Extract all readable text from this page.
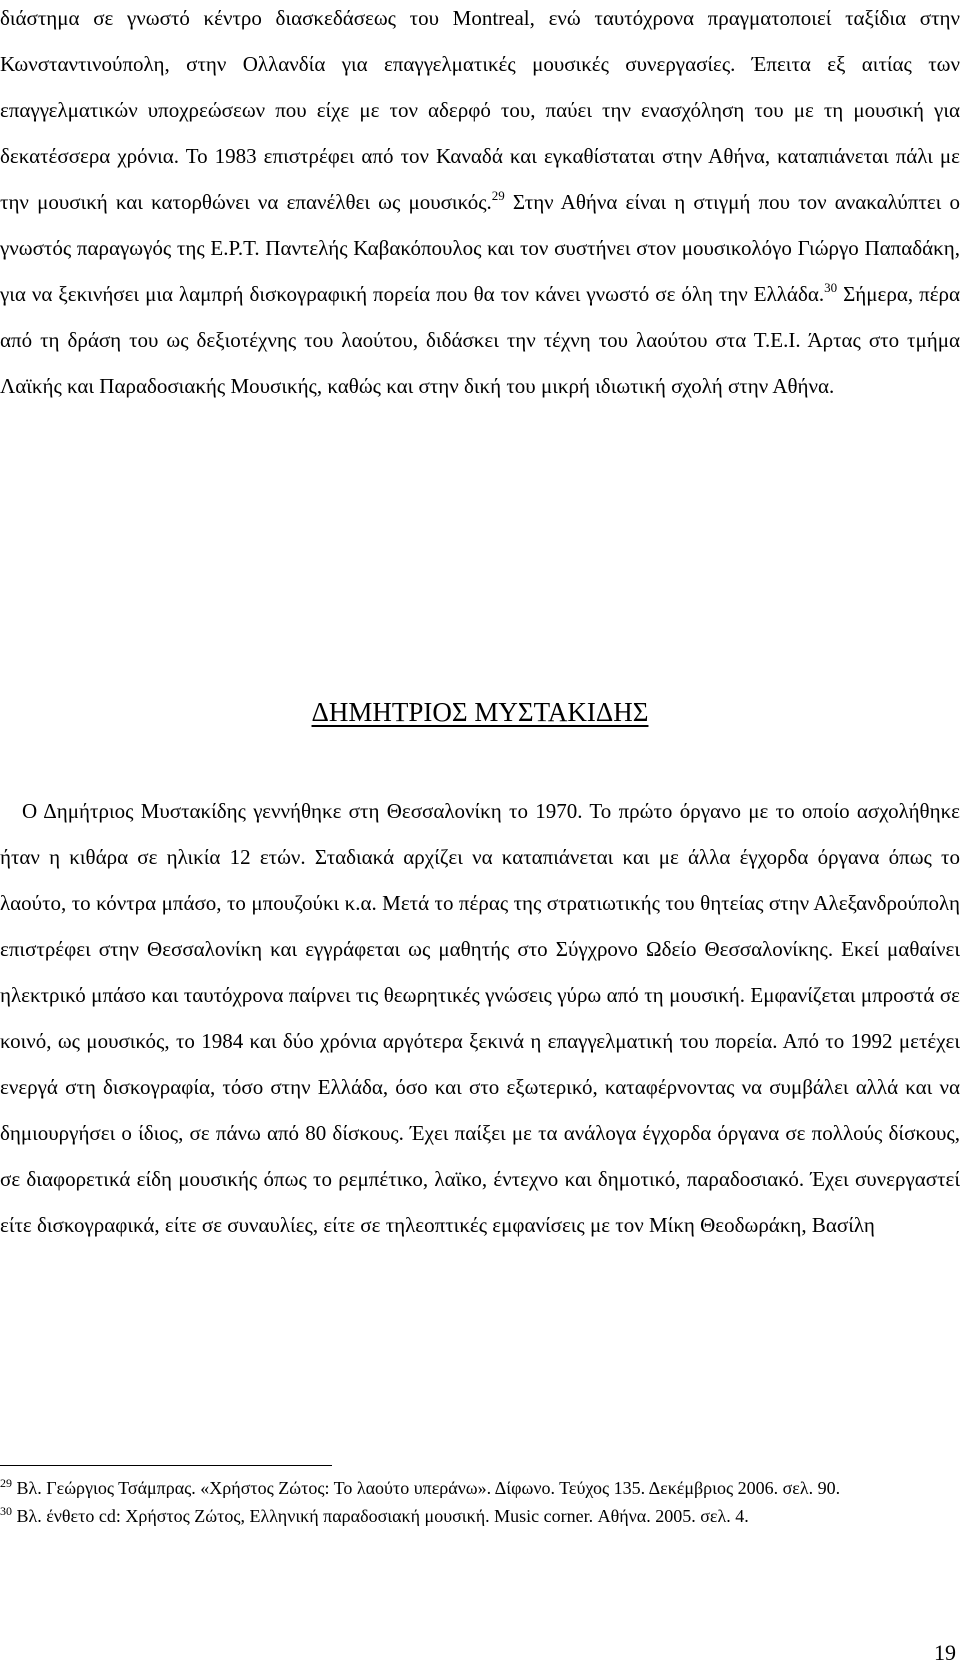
διάστημα σε γνωστό κέντρο διασκεδάσεως του Montreal, ενώ ταυτόχρονα πραγματοποιεί ταξίδια στην Κωνσταντινούπολη, στην Ολλανδία για επαγγελματικές μουσικές συνεργασίες. Έπειτα εξ αιτίας των επαγγελματικών υποχρεώσεων που είχε με τον αδερφό του, παύει την ενασχόληση του με τη μουσική για δεκατέσσερα χρόνια. Το 1983 επιστρέφει από τον Καναδά και εγκαθίσταται στην Αθήνα, καταπιάνεται πάλι με την μουσική και κατορθώνει να επανέλθει ως μουσικός.$^{29}$ Στην Αθήνα είναι η στιγμή που τον ανακαλύπτει ο γνωστός παραγωγός της Ε.Ρ.Τ. Παντελής Καβακόπουλος και τον συστήνει στον μουσικολόγο Γιώργο Παπαδάκη, για να ξεκινήσει μια λαμπρή δισκογραφική πορεία που θα τον κάνει γνωστό σε όλη την Ελλάδα.$^{30}$ Σήμερα, πέρα από τη δράση του ως δεξιοτέχνης του λαούτου, διδάσκει την τέχνη του λαούτου στα Τ.Ε.Ι. Άρτας στο τμήμα Λαϊκής και Παραδοσιακής Μουσικής, καθώς και στην δική του μικρή ιδιωτική σχολή στην Αθήνα.

ΔΗΜΗΤΡΙΟΣ ΜΥΣΤΑΚΙΔΗΣ

Ο Δημήτριος Μυστακίδης γεννήθηκε στη Θεσσαλονίκη το 1970. Το πρώτο όργανο με το οποίο ασχολήθηκε ήταν η κιθάρα σε ηλικία 12 ετών. Σταδιακά αρχίζει να καταπιάνεται και με άλλα έγχορδα όργανα όπως το λαούτο, το κόντρα μπάσο, το μπουζούκι κ.α. Μετά το πέρας της στρατιωτικής του θητείας στην Αλεξανδρούπολη επιστρέφει στην Θεσσαλονίκη και εγγράφεται ως μαθητής στο Σύγχρονο Ωδείο Θεσσαλονίκης. Εκεί μαθαίνει ηλεκτρικό μπάσο και ταυτόχρονα παίρνει τις θεωρητικές γνώσεις γύρω από τη μουσική. Εμφανίζεται μπροστά σε κοινό, ως μουσικός, το 1984 και δύο χρόνια αργότερα ξεκινά η επαγγελματική του πορεία. Από το 1992 μετέχει ενεργά στη δισκογραφία, τόσο στην Ελλάδα, όσο και στο εξωτερικό, καταφέρνοντας να συμβάλει αλλά και να δημιουργήσει ο ίδιος, σε πάνω από 80 δίσκους. Έχει παίξει με τα ανάλογα έγχορδα όργανα σε πολλούς δίσκους, σε διαφορετικά είδη μουσικής όπως το ρεμπέτικο, λαϊκο, έντεχνο και δημοτικό, παραδοσιακό. Έχει συνεργαστεί είτε δισκογραφικά, είτε σε συναυλίες, είτε σε τηλεοπτικές εμφανίσεις με τον Μίκη Θεοδωράκη, Βασίλη

$^{29}$ Βλ. Γεώργιος Τσάμπρας. «Χρήστος Ζώτος: Το λαούτο υπεράνω». Δίφωνο. Τεύχος 135. Δεκέμβριος 2006. σελ. 90.

$^{30}$ Βλ. ένθετο cd: Χρήστος Ζώτος, Ελληνική παραδοσιακή μουσική. Music corner. Αθήνα. 2005. σελ. 4.

19
